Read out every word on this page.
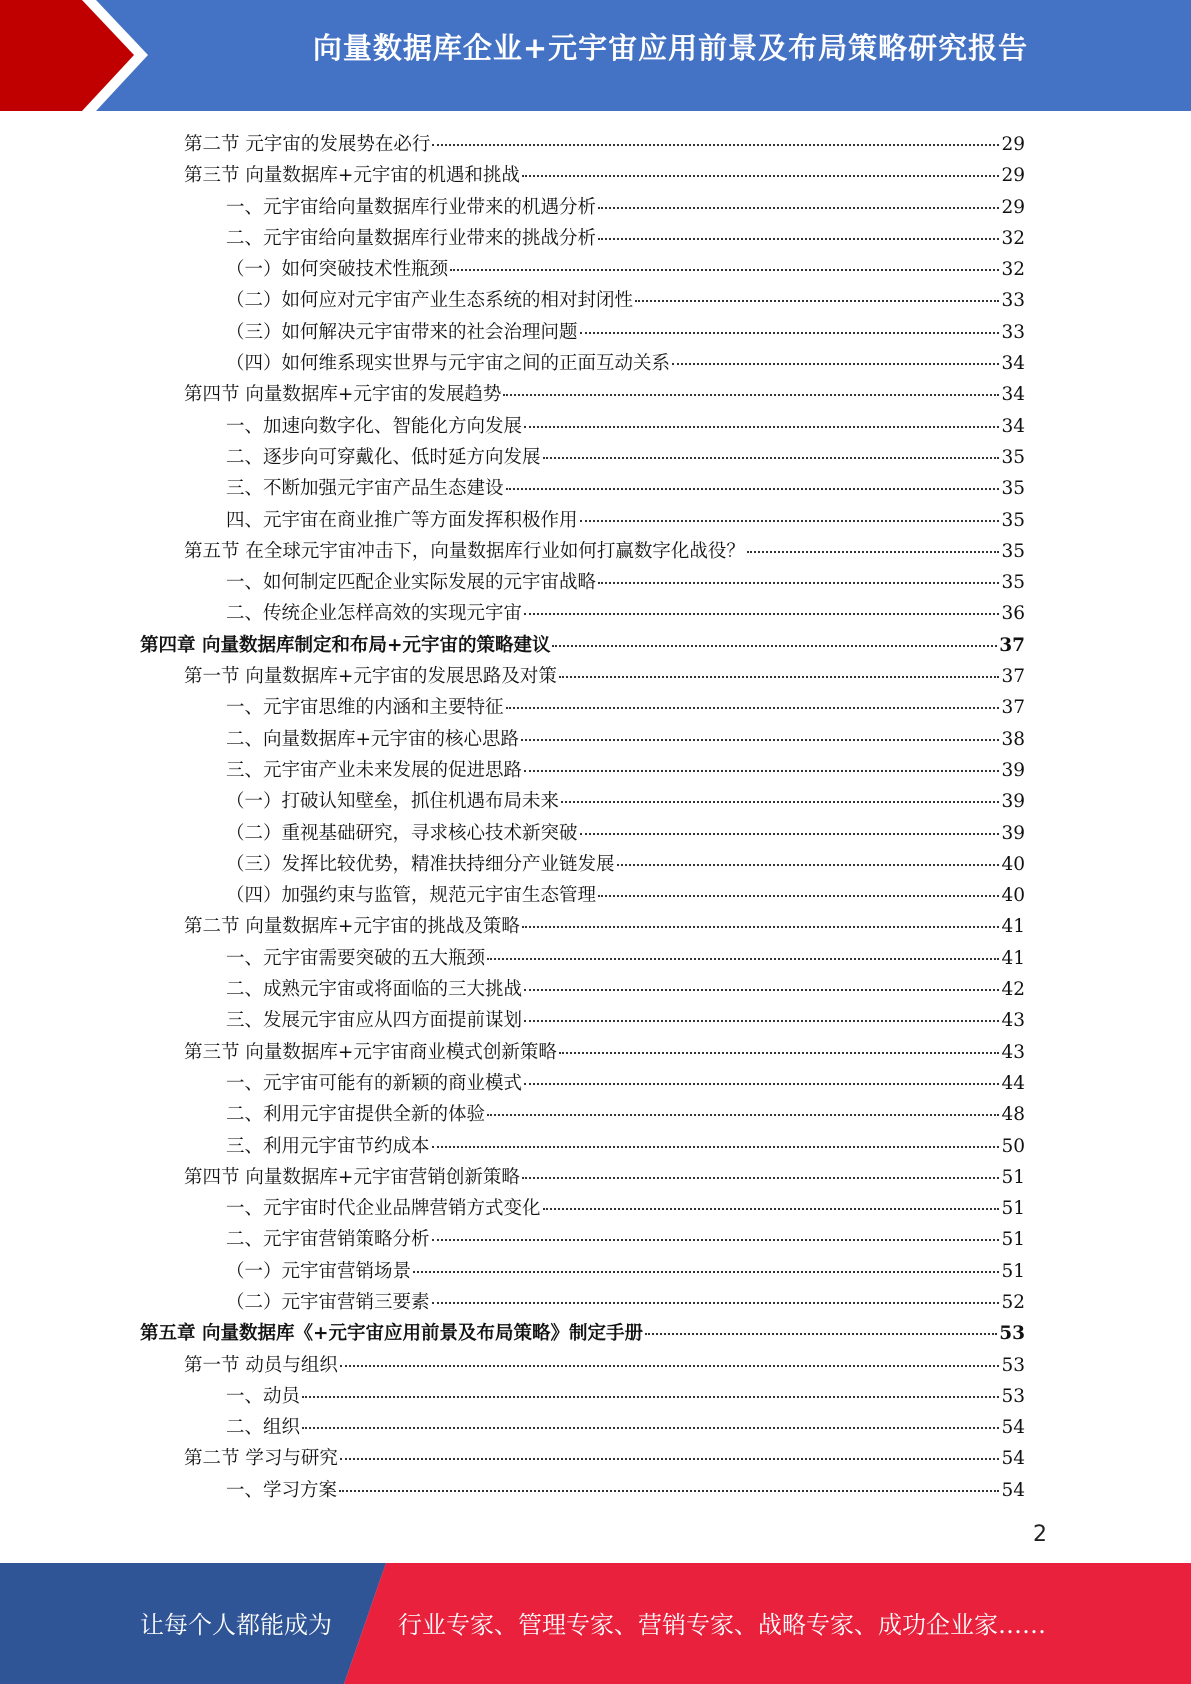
向量数据库企业+元宇宙应用前景及布局策略研究报告
第二节 元宇宙的发展势在必行	29
第三节 向量数据库+元宇宙的机遇和挑战	29
一、元宇宙给向量数据库行业带来的机遇分析	29
二、元宇宙给向量数据库行业带来的挑战分析	32
（一）如何突破技术性瓶颈	32
（二）如何应对元宇宙产业生态系统的相对封闭性	33
（三）如何解决元宇宙带来的社会治理问题	33
（四）如何维系现实世界与元宇宙之间的正面互动关系	34
第四节 向量数据库+元宇宙的发展趋势	34
一、加速向数字化、智能化方向发展	34
二、逐步向可穿戴化、低时延方向发展	35
三、不断加强元宇宙产品生态建设	35
四、元宇宙在商业推广等方面发挥积极作用	35
第五节 在全球元宇宙冲击下，向量数据库行业如何打赢数字化战役？	35
一、如何制定匹配企业实际发展的元宇宙战略	35
二、传统企业怎样高效的实现元宇宙	36
第四章 向量数据库制定和布局+元宇宙的策略建议	37
第一节 向量数据库+元宇宙的发展思路及对策	37
一、元宇宙思维的内涵和主要特征	37
二、向量数据库+元宇宙的核心思路	38
三、元宇宙产业未来发展的促进思路	39
（一）打破认知壁垒，抓住机遇布局未来	39
（二）重视基础研究，寻求核心技术新突破	39
（三）发挥比较优势，精准扶持细分产业链发展	40
（四）加强约束与监管，规范元宇宙生态管理	40
第二节 向量数据库+元宇宙的挑战及策略	41
一、元宇宙需要突破的五大瓶颈	41
二、成熟元宇宙或将面临的三大挑战	42
三、发展元宇宙应从四方面提前谋划	43
第三节 向量数据库+元宇宙商业模式创新策略	43
一、元宇宙可能有的新颖的商业模式	44
二、利用元宇宙提供全新的体验	48
三、利用元宇宙节约成本	50
第四节 向量数据库+元宇宙营销创新策略	51
一、元宇宙时代企业品牌营销方式变化	51
二、元宇宙营销策略分析	51
（一）元宇宙营销场景	51
（二）元宇宙营销三要素	52
第五章 向量数据库《+元宇宙应用前景及布局策略》制定手册	53
第一节 动员与组织	53
一、动员	53
二、组织	54
第二节 学习与研究	54
一、学习方案	54
2
让每个人都能成为	行业专家、管理专家、营销专家、战略专家、成功企业家……
